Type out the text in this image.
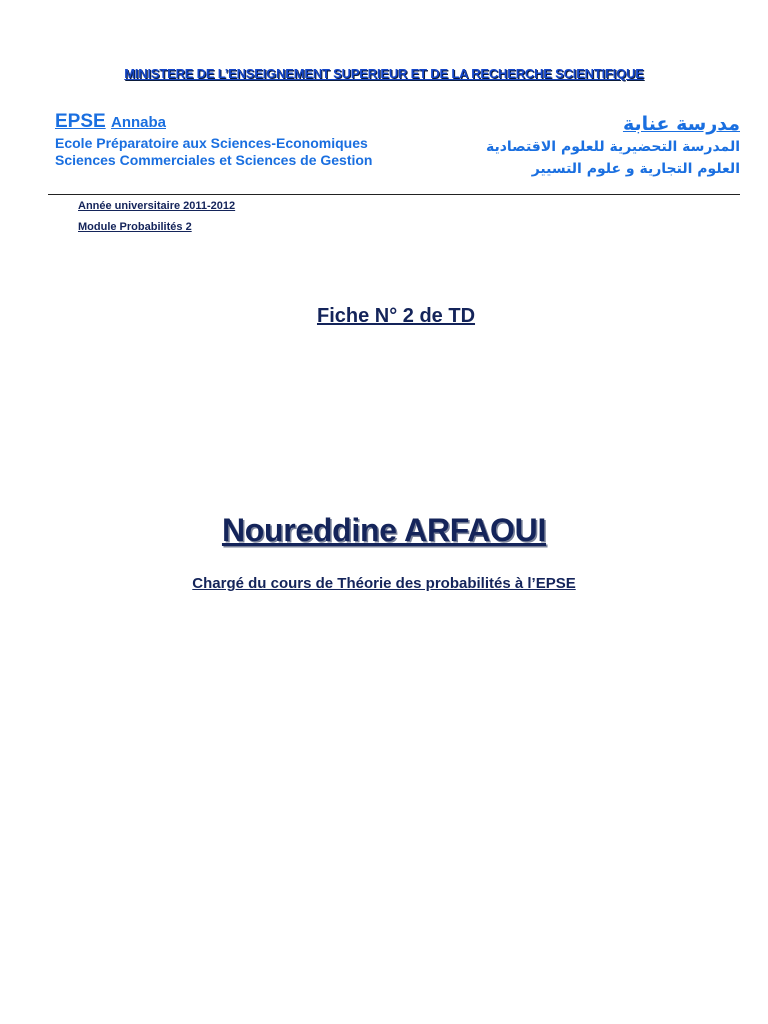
MINISTERE DE L’ENSEIGNEMENT SUPERIEUR ET DE LA RECHERCHE SCIENTIFIQUE
EPSE Annaba
Ecole Préparatoire aux Sciences-Economiques
Sciences Commerciales et Sciences de Gestion
مدرسة عنابة
المدرسة التحضيرية للعلوم الاقتصادية
العلوم التجارية و علوم التسيير
Année universitaire 2011-2012
Module Probabilités 2
Fiche N° 2 de TD
Noureddine ARFAOUI
Chargé du cours de Théorie des probabilités à l’EPSE
